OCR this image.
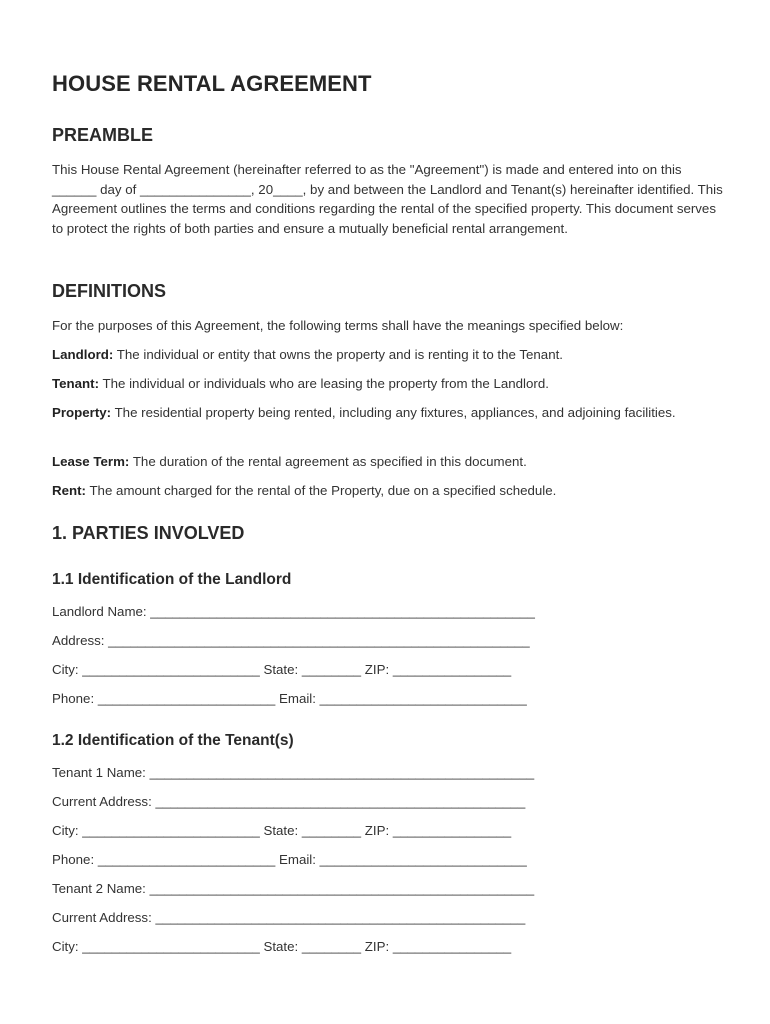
HOUSE RENTAL AGREEMENT
PREAMBLE

This House Rental Agreement (hereinafter referred to as the "Agreement") is made and entered into on this ______ day of _______________, 20____, by and between the Landlord and Tenant(s) hereinafter identified. This Agreement outlines the terms and conditions regarding the rental of the specified property. This document serves to protect the rights of both parties and ensure a mutually beneficial rental arrangement.

DEFINITIONS

For the purposes of this Agreement, the following terms shall have the meanings specified below:

Landlord: The individual or entity that owns the property and is renting it to the Tenant.

Tenant: The individual or individuals who are leasing the property from the Landlord.

Property: The residential property being rented, including any fixtures, appliances, and adjoining facilities.

Lease Term: The duration of the rental agreement as specified in this document.

Rent: The amount charged for the rental of the Property, due on a specified schedule.

1. PARTIES INVOLVED
1.1 Identification of the Landlord

Landlord Name: ____________________________________________________

Address: _________________________________________________________

City: ________________________ State: ________ ZIP: ________________

Phone: ________________________ Email: ____________________________

1.2 Identification of the Tenant(s)

Tenant 1 Name: ____________________________________________________

Current Address: __________________________________________________

City: ________________________ State: ________ ZIP: ________________

Phone: ________________________ Email: ____________________________

Tenant 2 Name: ____________________________________________________

Current Address: __________________________________________________

City: ________________________ State: ________ ZIP: ________________
